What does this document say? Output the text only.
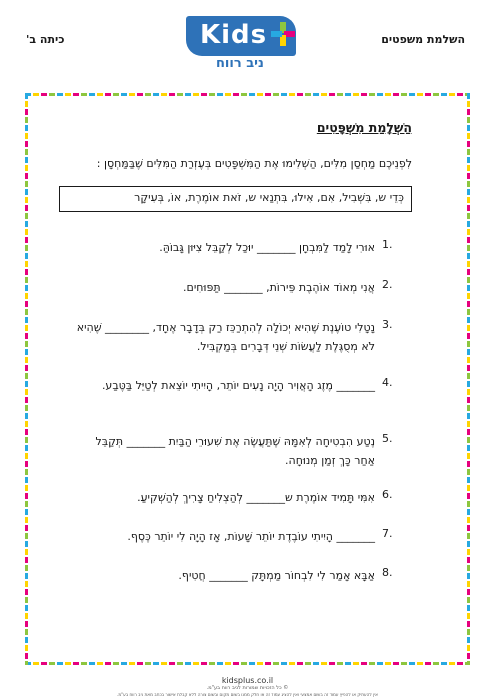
כיתה ב'	Kids
ניב רווח
השלמת משפטים
הַשְׁלָמַת מִשְׁפָּטִים
לִפְנֵיכֶם מַחְסַן מִלִּים, הַשְׁלִימוּ אֶת הַמִּשְׁפָּטִים בְּעֶזְרַת הַמִּלִּים שֶׁבַּמַּחְסָן :
כְּדֵי ש, בִּשְׁבִיל, אִם, אִילוּ, בִּתְנַאי ש, זֹאת אוֹמֶרֶת, אוֹ, בְּעִיקָר
1.
אוּרִי לָמַד לַמִּבְחָן _______ יוּכַל לְקַבֵּל צִיּוּן גָּבוֹהַּ.
2.
אֲנִי מְאוֹד אוֹהֶבֶת פֵּירוֹת, _______ תַּפּוּחִים.
3.
נָטָלִי טוֹעֶנֶת שֶׁהִיא יְכוֹלָה לְהִתְרַכֵּז רַק בְּדָבָר אֶחָד, ________ שֶׁהִיא לֹא מְסֻגֶּלֶת לַעֲשׂוֹת שְׁנֵי דְּבָרִים בְּמַקְבִּיל.
4.
_______ מֶזֶג הָאֲוִיר הָיָה נָעִים יוֹתֵר, הָיִיתִי יוֹצֵאת לְטַיֵּל בַּטֶּבַע.
5.
נֶטַע הִבְטִיחָה לְאִמָּהּ שֶׁתַּעֲשֶׂה אֶת שִׁעוּרֵי הַבַּיִת _______ תְּקַבֵּל אַחַר כָּךְ זְמַן מְנוּחָה.
6.
אִמִּי תָּמִיד אוֹמֶרֶת ש_______ לְהַצְלִיחַ צָרִיךְ לְהַשְׁקִיעַ.
7.
_______ הָיִיתִי עוֹבֶדֶת יוֹתֵר שָׁעוֹת, אָז הָיָה לִי יוֹתֵר כֶּסֶף.
8.
אַבָּא אָמַר לִי לִבְחוֹר מַמְתָּק _______ חֲטִיף.
kidsplus.co.il
© כל הזכויות שמורות לניב רווח בע"מ.
אין להעתיק או להפיץ עמוד זה בשום אמצעי ואין להציג עמוד זה או חלק ממנו בשום מקום ובשום צורה ללא קבלת אישור בכתב מאת ניב רווח בע"מ.
